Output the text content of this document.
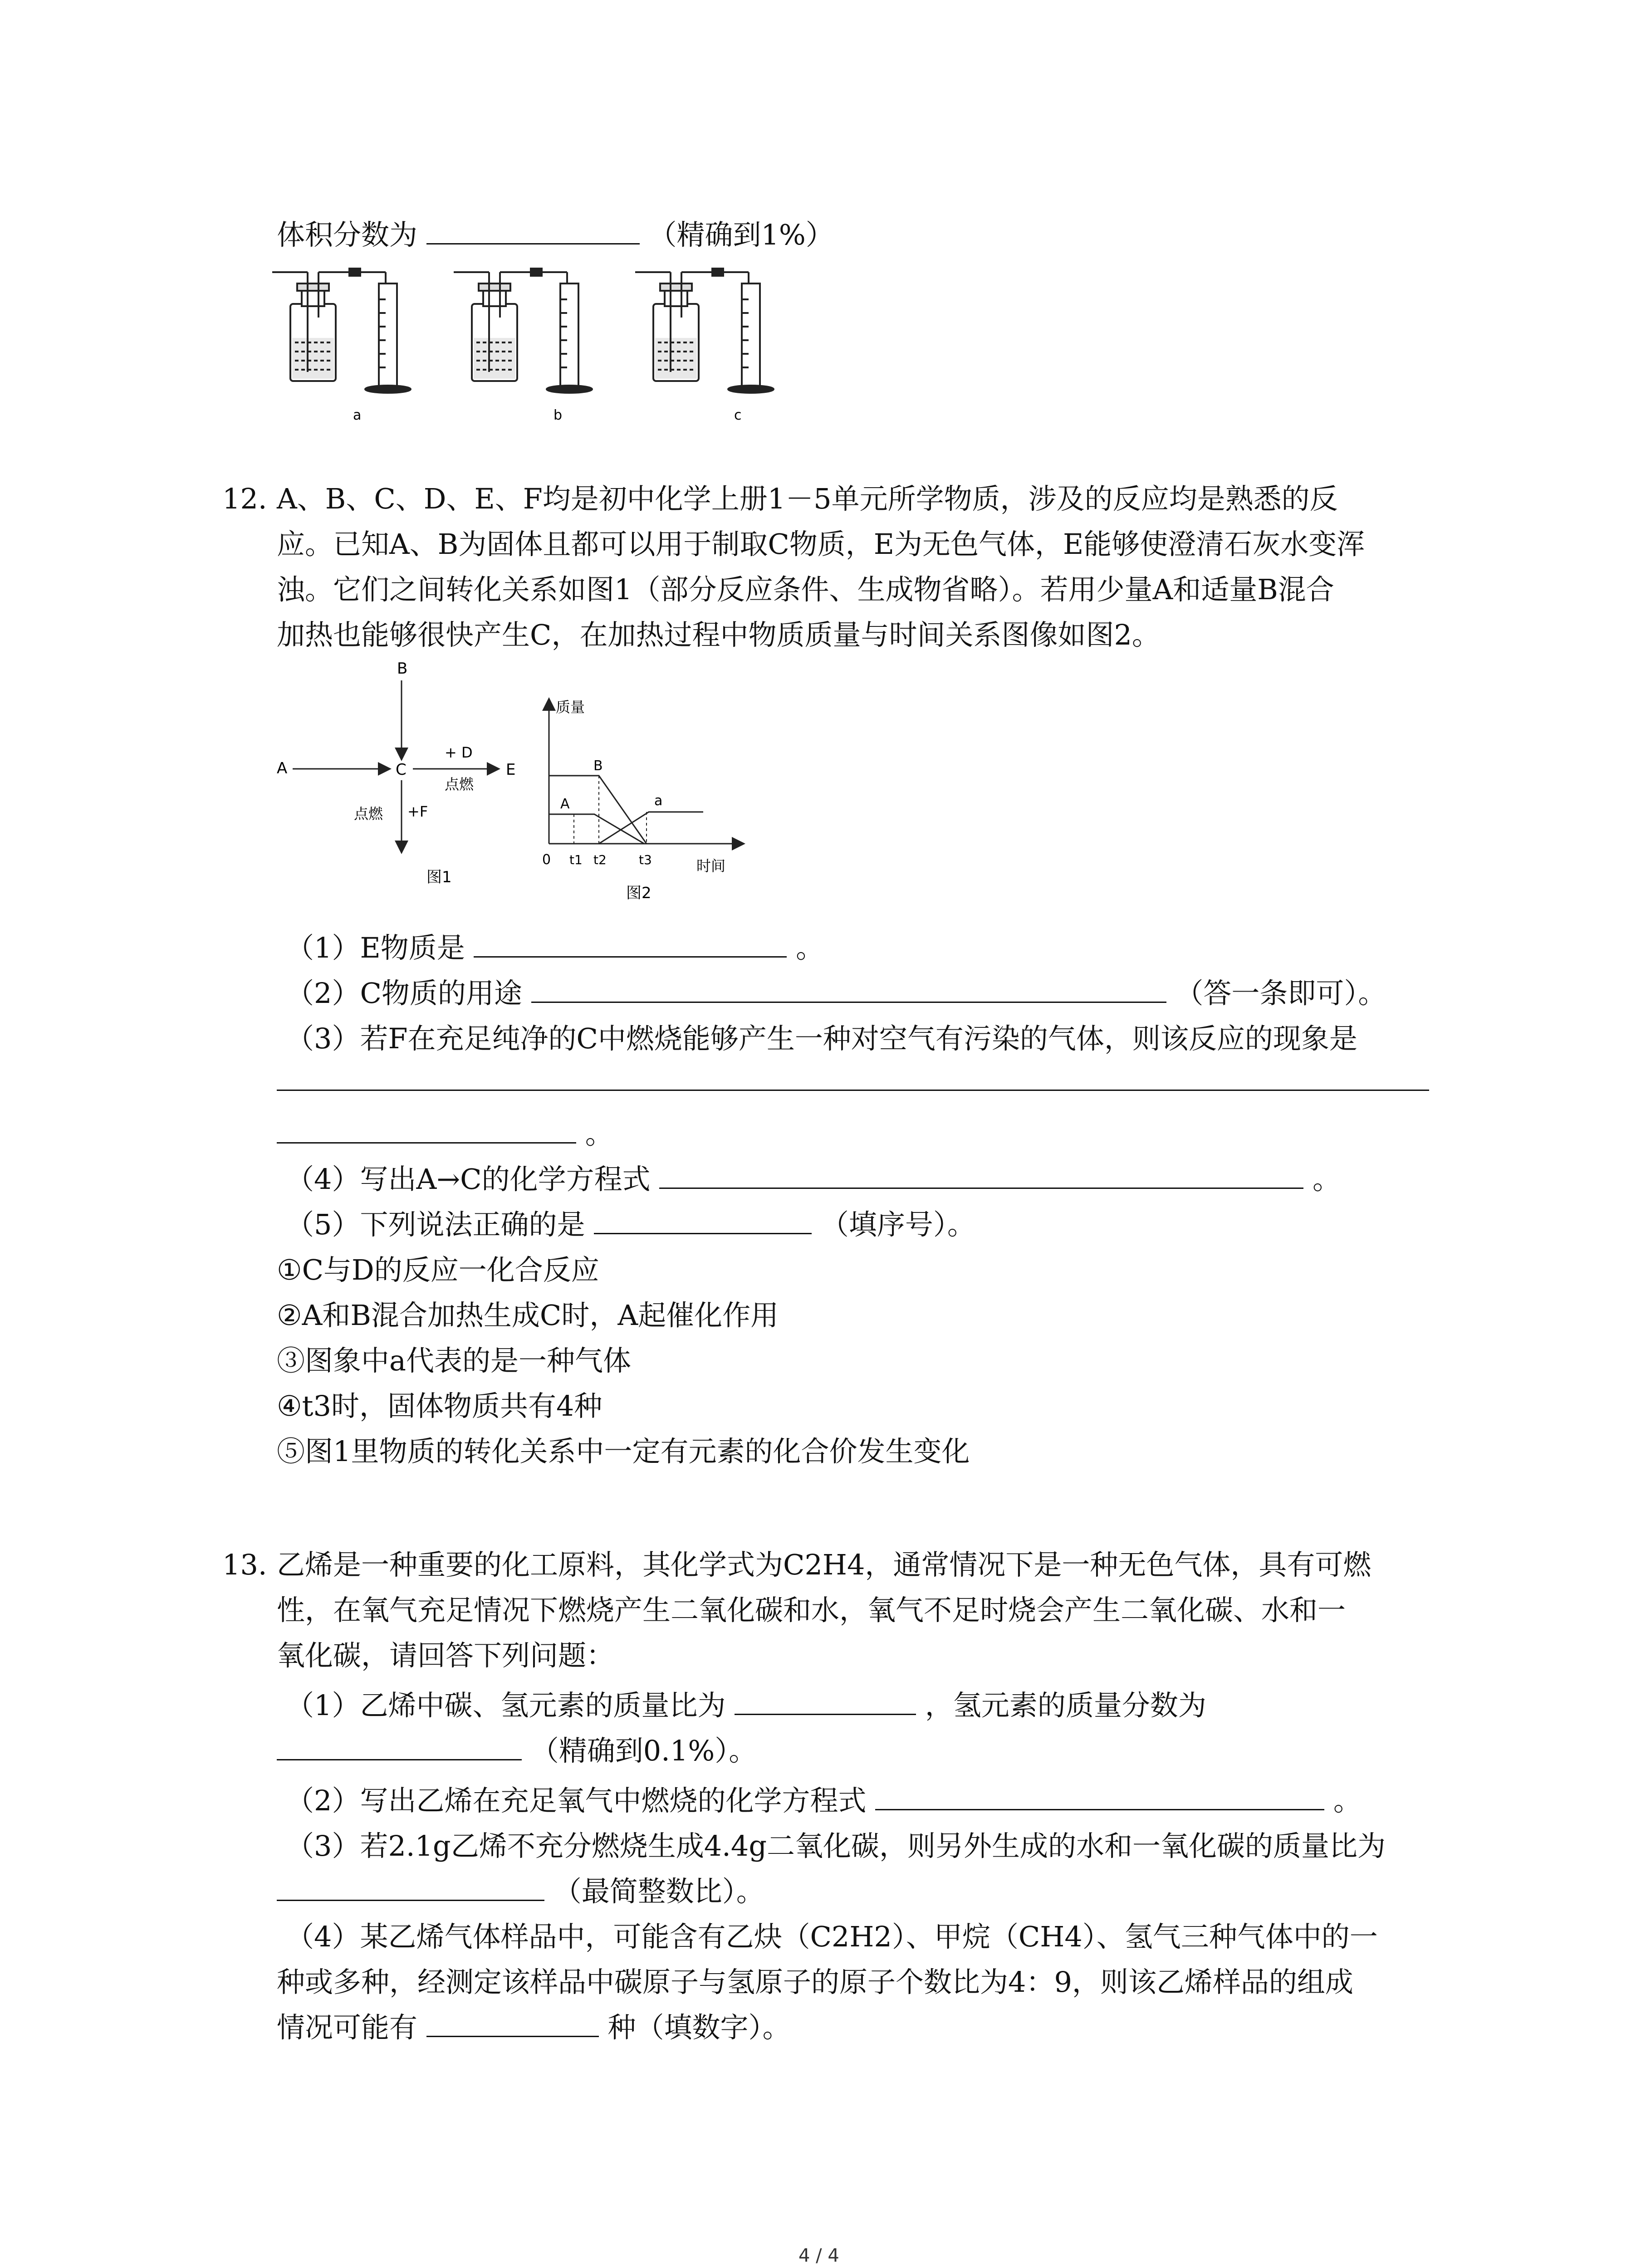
体积分数为	（精确到1%）
a	b	c
12. A、B、C、D、E、F均是初中化学上册1－5单元所学物质，涉及的反应均是熟悉的反
应。已知A、B为固体且都可以用于制取C物质，E为无色气体，E能够使澄清石灰水变浑
浊。它们之间转化关系如图1（部分反应条件、生成物省略）。若用少量A和适量B混合
加热也能够很快产生C，在加热过程中物质质量与时间关系图像如图2。
B
A	C
+ D
点燃
E
点燃 +F
图1
质量
时间
0 t1 t2	t3
B
A	a
图2
（1）E物质是	。
（2）C物质的用途	（答一条即可）。
（3）若F在充足纯净的C中燃烧能够产生一种对空气有污染的气体，则该反应的现象是
。
（4）写出A→C的化学方程式	。
（5）下列说法正确的是	（填序号）。
①C与D的反应一化合反应
②A和B混合加热生成C时，A起催化作用
③图象中a代表的是一种气体
④t3时，固体物质共有4种
⑤图1里物质的转化关系中一定有元素的化合价发生变化
13. 乙烯是一种重要的化工原料，其化学式为C2H4，通常情况下是一种无色气体，具有可燃
性，在氧气充足情况下燃烧产生二氧化碳和水，氧气不足时烧会产生二氧化碳、水和一
氧化碳，请回答下列问题：
（1）乙烯中碳、氢元素的质量比为	，氢元素的质量分数为
（精确到0.1%）。
（2）写出乙烯在充足氧气中燃烧的化学方程式	。
（3）若2.1g乙烯不充分燃烧生成4.4g二氧化碳，则另外生成的水和一氧化碳的质量比为
（最简整数比）。
（4）某乙烯气体样品中，可能含有乙炔（C2H2）、甲烷（CH4）、氢气三种气体中的一
种或多种，经测定该样品中碳原子与氢原子的原子个数比为4：9，则该乙烯样品的组成
情况可能有	种（填数字）。
4 / 4
